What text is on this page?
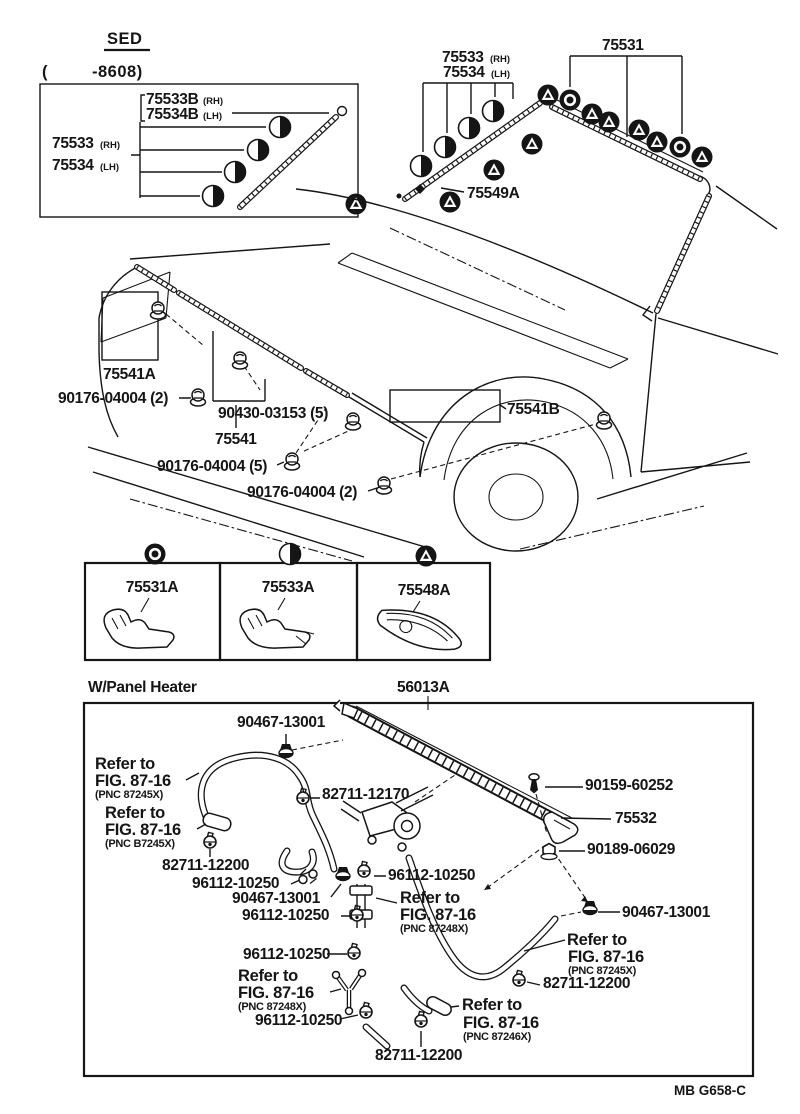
SED
(	-8608)
75533B (RH)
75534B (LH)
75533 (RH)
75534 (LH)
75533 (RH)
75534 (LH)
75531
75549A
75541A
90176-04004 (2)
90430-03153 (5)
75541
90176-04004 (5)
90176-04004 (2)
75541B
75531A	75533A	75548A
W/Panel Heater	56013A
90467-13001
Refer to
FIG. 87-16
(PNC 87245X)	82711-12170
Refer to
FIG. 87-16
(PNC B7245X)
82711-12200
96112-10250
90467-13001
96112-10250
96112-10250
Refer to
FIG. 87-16
(PNC 87248X)
96112-10250
Refer to
FIG. 87-16
(PNC 87248X)
96112-10250
82711-12200
Refer to
FIG. 87-16
(PNC 87246X)
90159-60252
75532
90189-06029
90467-13001
Refer to
FIG. 87-16
(PNC 87245X)
82711-12200
MB G658-C
